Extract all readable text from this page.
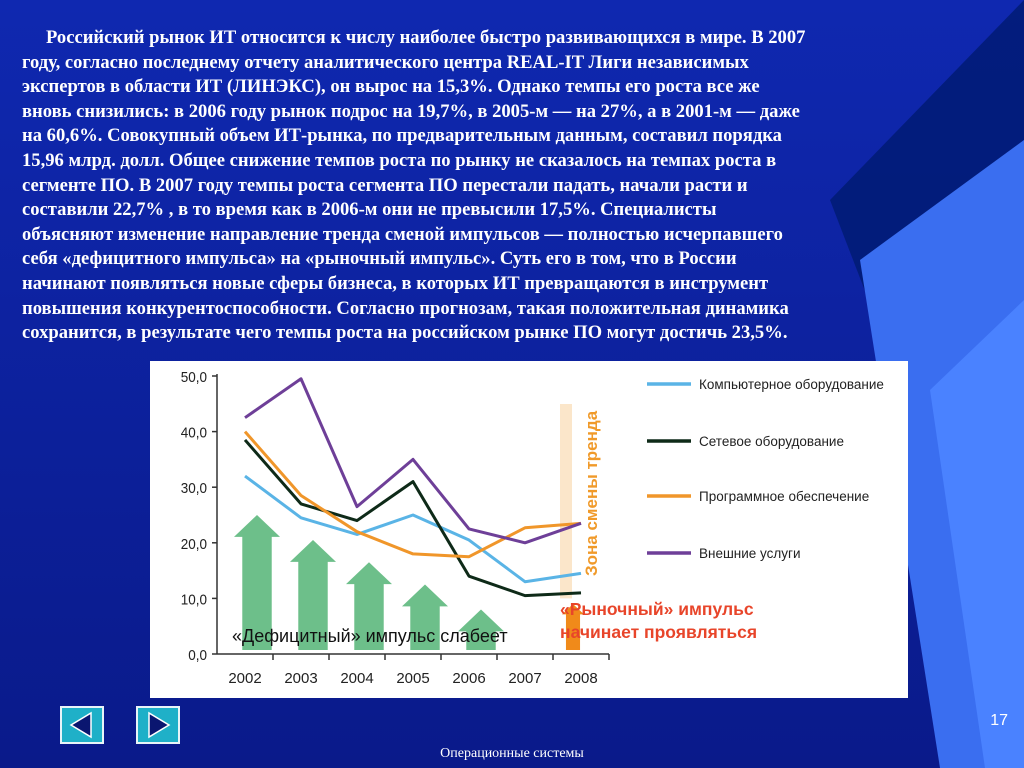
Российский рынок ИТ относится к числу наиболее быстро развивающихся в мире. В 2007
году, согласно последнему отчету аналитического центра REAL-IT Лиги независимых
экспертов в области ИТ (ЛИНЭКС), он вырос на 15,3%. Однако темпы его роста все же
вновь снизились: в 2006 году рынок подрос на 19,7%, в 2005-м — на 27%, а в 2001-м — даже
на 60,6%. Совокупный объем ИТ-рынка, по предварительным данным, составил порядка
15,96 млрд. долл. Общее снижение темпов роста по рынку не сказалось на темпах роста в
сегменте ПО. В 2007 году темпы роста сегмента ПО перестали падать, начали расти и
составили 22,7% , в то время как в 2006-м они не превысили 17,5%. Специалисты
объясняют изменение направление тренда сменой импульсов — полностью исчерпавшего
себя «дефицитного импульса» на «рыночный импульс». Суть его в том, что в России
начинают появляться новые сферы бизнеса, в которых ИТ превращаются в инструмент
повышения конкурентоспособности. Согласно прогнозам, такая положительная динамика
сохранится, в результате чего темпы роста на российском рынке ПО могут достичь 23,5%.

0,0
10,0
20,0
30,0
40,0
50,0
2002 2003 2004 2005 2006 2007 2008
Зона смены тренда
Компьютерное оборудование
Сетевое оборудование
Программное обеспечение
Внешние услуги
«Дефицитный» импульс слабеет
«Рыночный» импульс
начинает проявляться
17
Операционные системы
